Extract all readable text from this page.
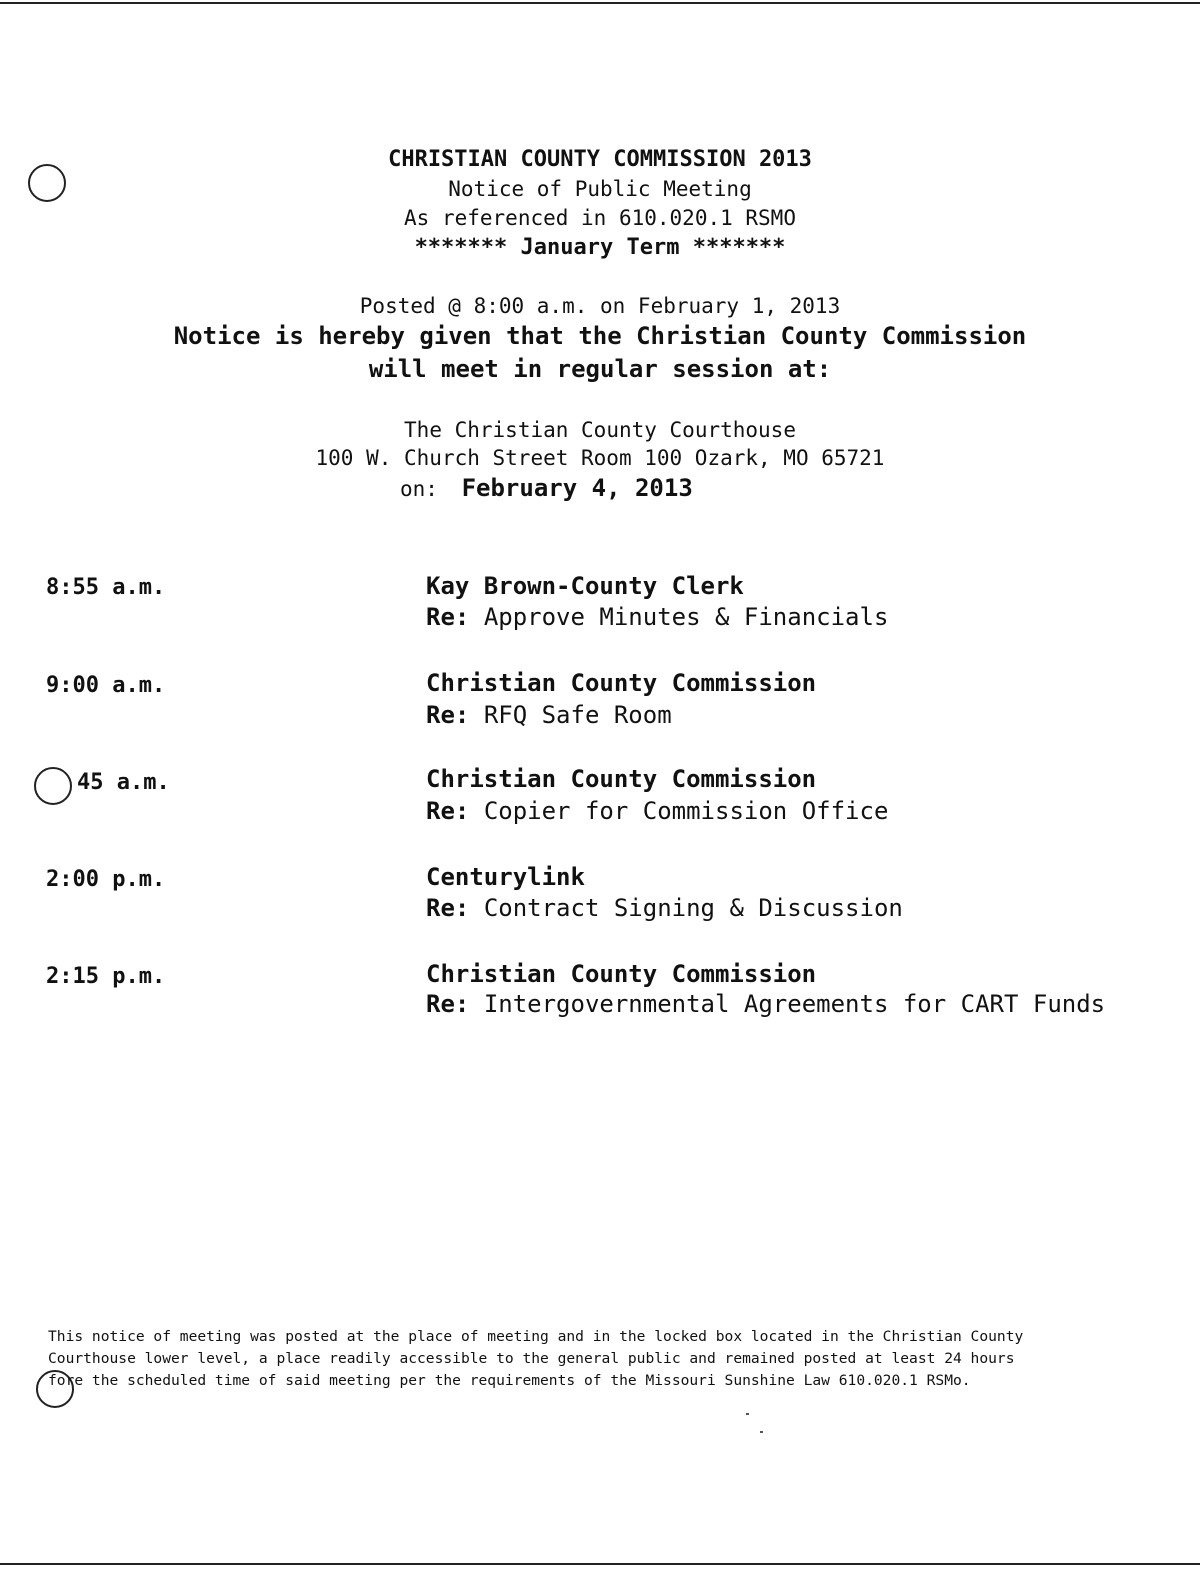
CHRISTIAN COUNTY COMMISSION 2013
Notice of Public Meeting
As referenced in 610.020.1 RSMO
******* January Term *******
Posted @ 8:00 a.m. on February 1, 2013
Notice is hereby given that the Christian County Commission
will meet in regular session at:
The Christian County Courthouse
100 W. Church Street Room 100 Ozark, MO 65721
on: February 4, 2013
8:55 a.m.	Kay Brown-County Clerk
Re: Approve Minutes & Financials
9:00 a.m.	Christian County Commission
Re: RFQ Safe Room
45 a.m.	Christian County Commission
Re: Copier for Commission Office
2:00 p.m.	Centurylink
Re: Contract Signing & Discussion
2:15 p.m.	Christian County Commission
Re: Intergovernmental Agreements for CART Funds
This notice of meeting was posted at the place of meeting and in the locked box located in the Christian County
Courthouse lower level, a place readily accessible to the general public and remained posted at least 24 hours
fore the scheduled time of said meeting per the requirements of the Missouri Sunshine Law 610.020.1 RSMo.
